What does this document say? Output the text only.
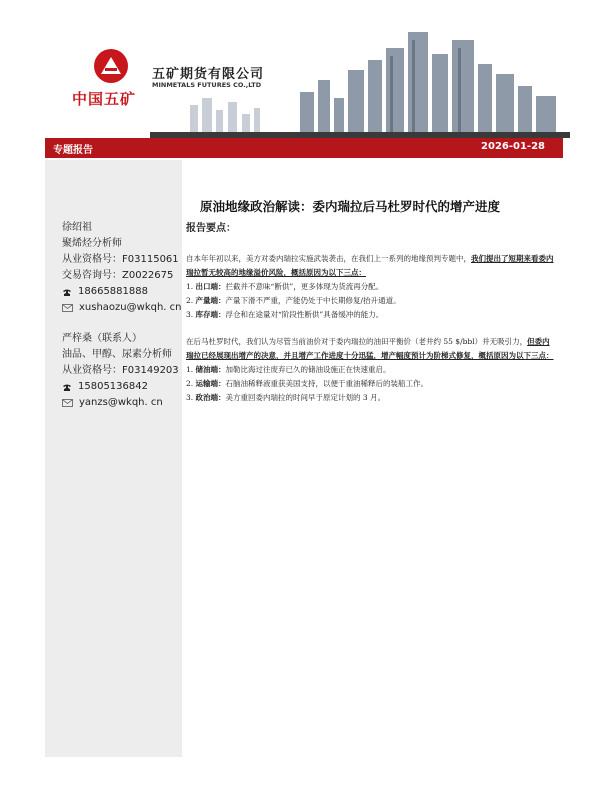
中国五矿
五矿期货有限公司
MINMETALS FUTURES CO.,LTD
专题报告	2026-01-28
徐绍祖
聚烯烃分析师
从业资格号：F03115061
交易咨询号：Z0022675
18665881888
xushaozu@wkqh. cn
严梓桑（联系人）
油品、甲醇、尿素分析师
从业资格号：F03149203
15805136842
yanzs@wkqh. cn
原油地缘政治解读：委内瑞拉后马杜罗时代的增产进度
报告要点：

自本年年初以来，美方对委内瑞拉实施武装袭击，在我们上一系列的地缘预判专题中，我们提出了短期来看委内瑞拉暂无较高的地缘溢价风险，概括原因为以下三点：

1. 出口端：拦截并不意味“断供”，更多体现为货流再分配。
2. 产量端：产量下滑不严重，产能仍处于中长期修复/抬升通道。
3. 库存端：浮仓和在途量对“阶段性断供”具备缓冲的能力。

在后马杜罗时代，我们认为尽管当前油价对于委内瑞拉的油田平衡价（老井约 55 $/bbl）并无吸引力，但委内瑞拉已经展现出增产的决意，并且增产工作进度十分迅猛，增产幅度预计为阶梯式修复，概括原因为以下三点：

1. 储油端：加勒比海过往废弃已久的储油设施正在快速重启。
2. 运输端：石脑油稀释液重获美国支持，以便于重油稀释后的装船工作。
3. 政治端：美方重回委内瑞拉的时间早于原定计划的 3 月。
